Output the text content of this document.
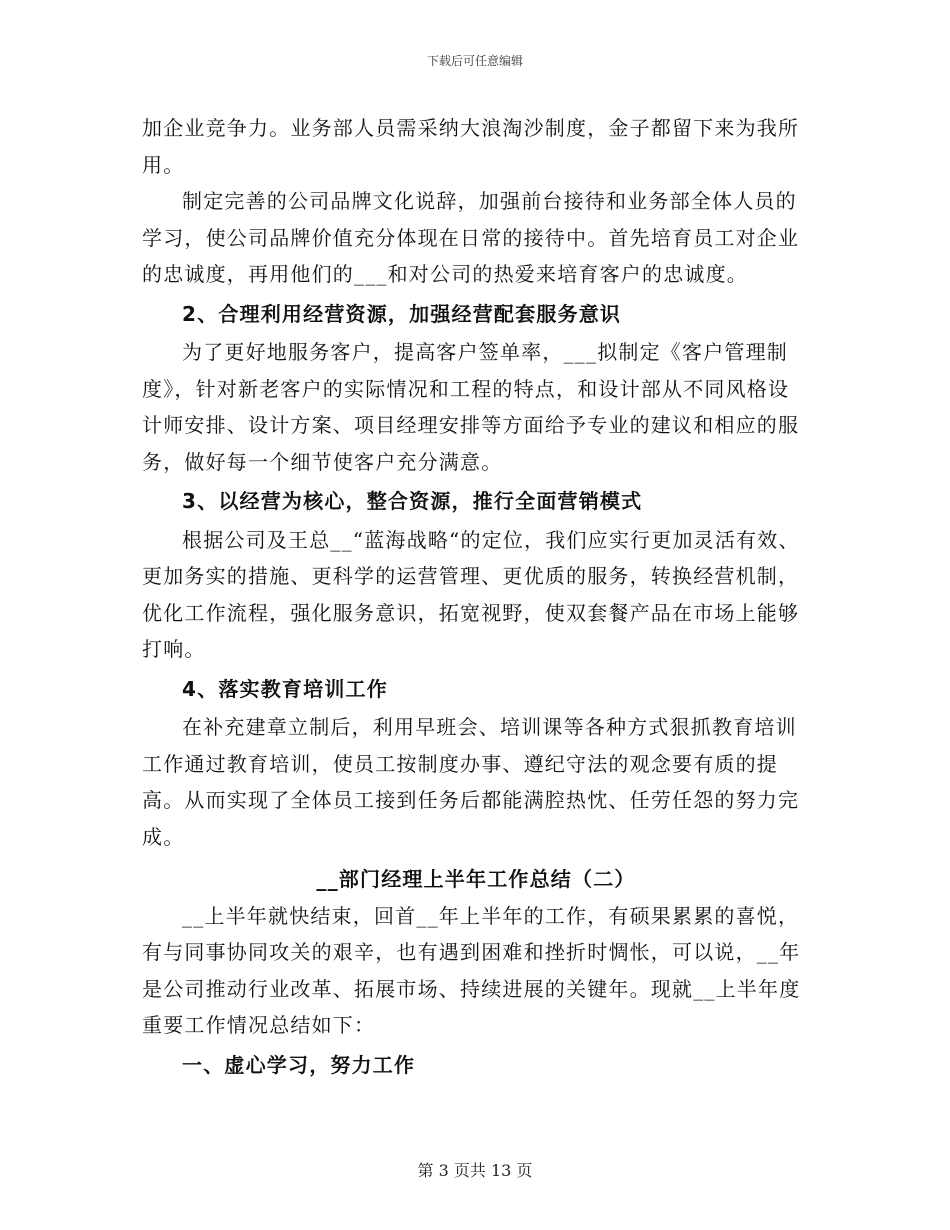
下载后可任意编辑

加企业竞争力。业务部人员需采纳大浪淘沙制度，金子都留下来为我所用。

制定完善的公司品牌文化说辞，加强前台接待和业务部全体人员的学习，使公司品牌价值充分体现在日常的接待中。首先培育员工对企业的忠诚度，再用他们的___和对公司的热爱来培育客户的忠诚度。

2、合理利用经营资源，加强经营配套服务意识

为了更好地服务客户，提高客户签单率，___拟制定《客户管理制度》，针对新老客户的实际情况和工程的特点，和设计部从不同风格设计师安排、设计方案、项目经理安排等方面给予专业的建议和相应的服务，做好每一个细节使客户充分满意。

3、以经营为核心，整合资源，推行全面营销模式

根据公司及王总__“蓝海战略“的定位，我们应实行更加灵活有效、更加务实的措施、更科学的运营管理、更优质的服务，转换经营机制，优化工作流程，强化服务意识，拓宽视野，使双套餐产品在市场上能够打响。

4、落实教育培训工作

在补充建章立制后，利用早班会、培训课等各种方式狠抓教育培训工作通过教育培训，使员工按制度办事、遵纪守法的观念要有质的提高。从而实现了全体员工接到任务后都能满腔热忱、任劳任怨的努力完成。

__部门经理上半年工作总结（二）

__上半年就快结束，回首__年上半年的工作，有硕果累累的喜悦，有与同事协同攻关的艰辛，也有遇到困难和挫折时惆怅，可以说，__年是公司推动行业改革、拓展市场、持续进展的关键年。现就__上半年度重要工作情况总结如下：

一、虚心学习，努力工作

第 3 页共 13 页
